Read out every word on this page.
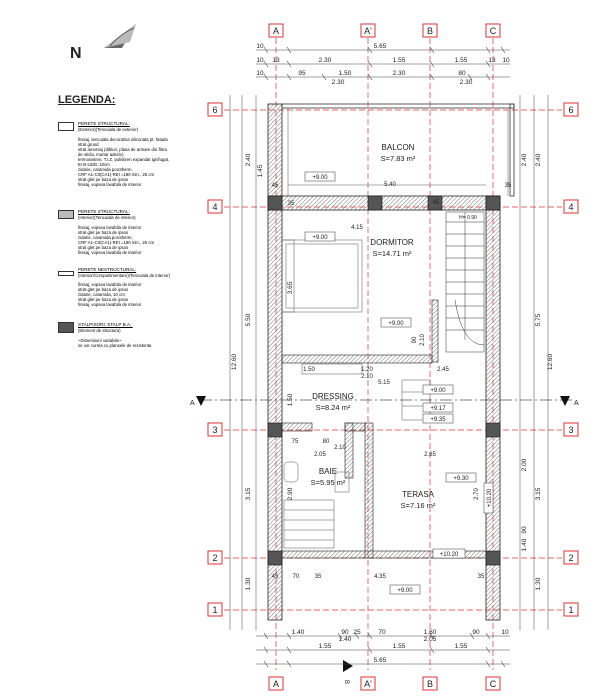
N
A	A'	B	C
A	A'	B	C
6
4
3
2
1
6
4
3
2
1
A	A
B
5.65
2.30	1.55	1.55
95	1.50	2.30	80
2.30	2.30
10
13
10	13
10
10
1.40	90 25	70	1.60	90	10
1.40	2.05
1.55	1.55	1.55
5.65
12.60
2.40
5.50
3.15
1.30
1.45
3.65
1.50
2.90
12.60
2.40
5.75
3.15
1.30
2.40
2.00
1.40
90
BALCON
S=7.83 m²
DORMITOR
S=14.71 m²
DRESSING
S=8.24 m²
BAIE
S=5.95 m²
TERASA
S=7.16 m²
+9.00
+9.00
+9.00
+9.00
+9.17
+9.35
+9.30
+10.20
+10.20
+9.00
5.40
4.15
35
45	35
45
1.20
2.10
5.15
1.50	2.45
75	80
2.10
2.05	2.65
2.70
4.35
70	35	35
45
90 2.10
H= 0.90
LEGENDA:
PERETE STRUCTURAL:
(Exterior)(Tencuiala de exterior)
finisaj, tencuiala decorativa siliconata pt. fatada
strat grund
strat amorsaj (dibluri, plasa de armare din fibra
de sticla, mortar adeziv)
termosistem, T.I.Z. polistiren expandat ignifugat,
EI B-s2d0, 10cm
zidarie, caramida porotherm,
CRF A1-C0(CA1)-REI =180 min., 25 cm
strat glet pe baza de ipsos
finisaj, vopsea lavabila de interior
PERETE STRUCTURAL:
(Interior)(Tencuiala de interior)
finisaj, vopsea lavabila de interior
strat glet pe baza de ipsos
zidarie, caramida porotherm,
CRF A1-C0(CA1)-REI =180 min., 25 cm
strat glet pe baza de ipsos
finisaj, vopsea lavabila de interior
PERETE NESTRUCTURAL:
(Interior/Compartimentare)(Tencuiala de interior)
finisaj, vopsea lavabila de interior
strat glet pe baza de ipsos
zidarie, caramida, 10 cm
strat glet pe baza de ipsos
finisaj, vopsea lavabila de interior
STALPISORI: STALP B.A.:
(Element de structura)
~Dimensiuni variabile~
se vor corela cu plansele de rezistenta
